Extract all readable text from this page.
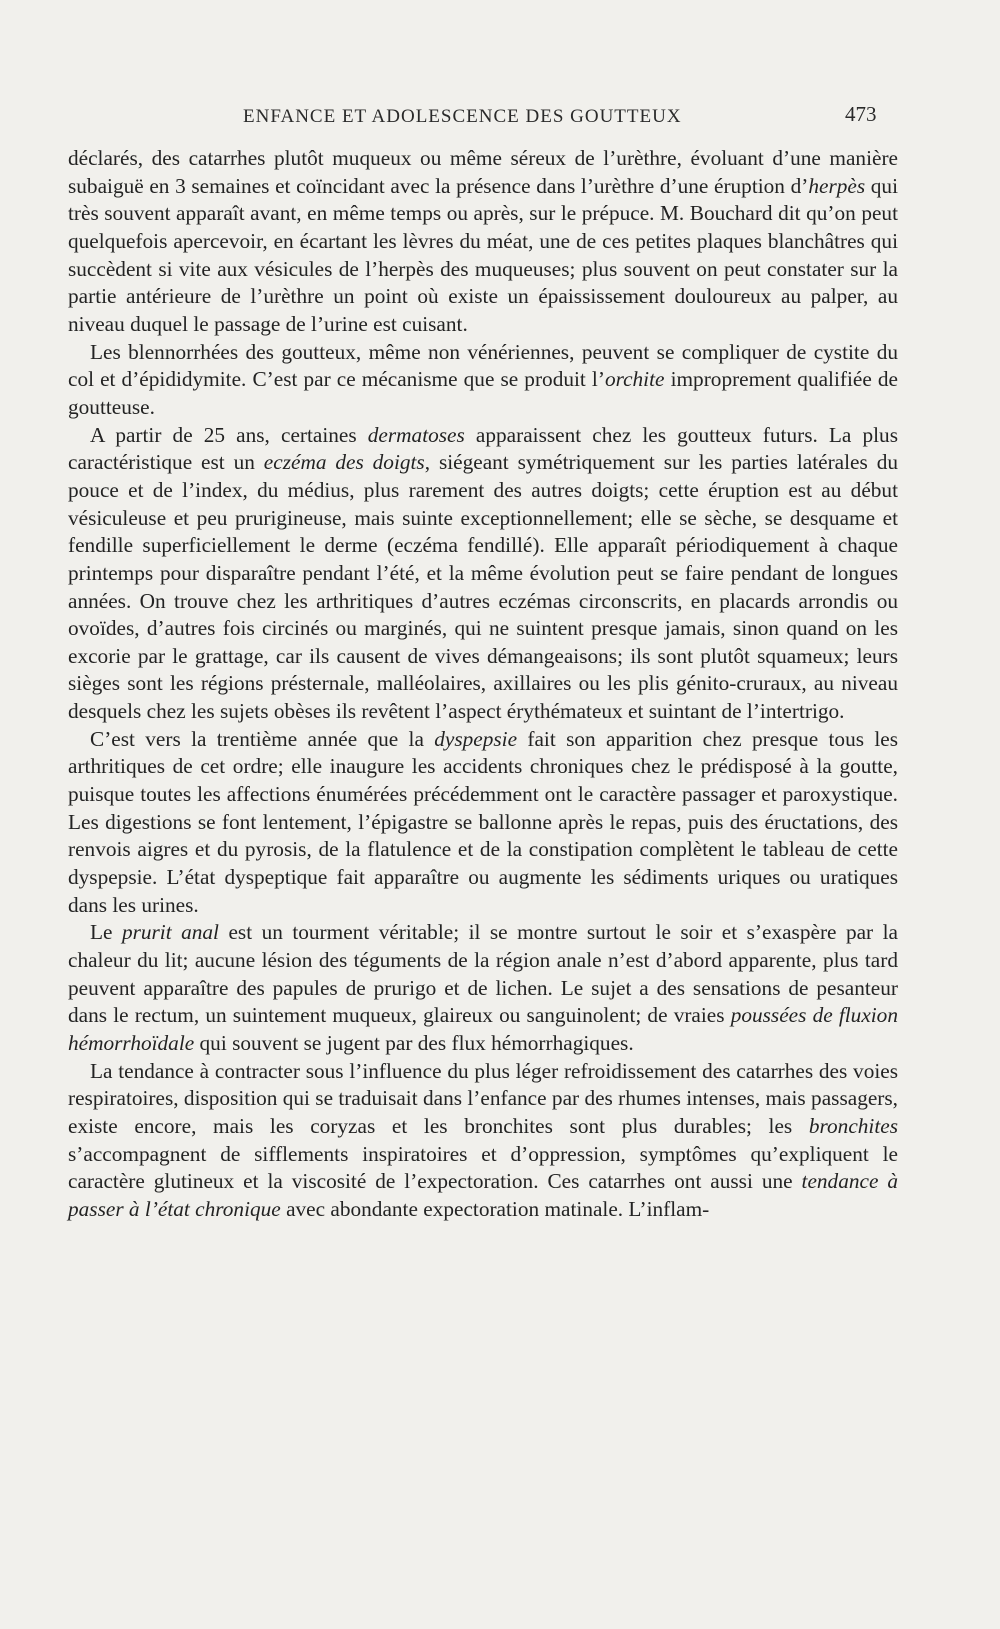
ENFANCE ET ADOLESCENCE DES GOUTTEUX	473

déclarés, des catarrhes plutôt muqueux ou même séreux de l’urèthre, évoluant d’une manière subaiguë en 3 semaines et coïncidant avec la présence dans l’urèthre d’une éruption d’herpès qui très souvent apparaît avant, en même temps ou après, sur le prépuce. M. Bouchard dit qu’on peut quelquefois apercevoir, en écartant les lèvres du méat, une de ces petites plaques blanchâtres qui succèdent si vite aux vésicules de l’herpès des muqueuses; plus souvent on peut constater sur la partie antérieure de l’urèthre un point où existe un épaississement douloureux au palper, au niveau duquel le passage de l’urine est cuisant.

Les blennorrhées des goutteux, même non vénériennes, peuvent se compliquer de cystite du col et d’épididymite. C’est par ce mécanisme que se produit l’orchite improprement qualifiée de goutteuse.

A partir de 25 ans, certaines dermatoses apparaissent chez les goutteux futurs. La plus caractéristique est un eczéma des doigts, siégeant symétriquement sur les parties latérales du pouce et de l’index, du médius, plus rarement des autres doigts; cette éruption est au début vésiculeuse et peu prurigineuse, mais suinte exceptionnellement; elle se sèche, se desquame et fendille superficiellement le derme (eczéma fendillé). Elle apparaît périodiquement à chaque printemps pour disparaître pendant l’été, et la même évolution peut se faire pendant de longues années. On trouve chez les arthritiques d’autres eczémas circonscrits, en placards arrondis ou ovoïdes, d’autres fois circinés ou marginés, qui ne suintent presque jamais, sinon quand on les excorie par le grattage, car ils causent de vives démangeaisons; ils sont plutôt squameux; leurs sièges sont les régions présternale, malléolaires, axillaires ou les plis génito-cruraux, au niveau desquels chez les sujets obèses ils revêtent l’aspect érythémateux et suintant de l’intertrigo.

C’est vers la trentième année que la dyspepsie fait son apparition chez presque tous les arthritiques de cet ordre; elle inaugure les accidents chroniques chez le prédisposé à la goutte, puisque toutes les affections énumérées précédemment ont le caractère passager et paroxystique. Les digestions se font lentement, l’épigastre se ballonne après le repas, puis des éructations, des renvois aigres et du pyrosis, de la flatulence et de la constipation complètent le tableau de cette dyspepsie. L’état dyspeptique fait apparaître ou augmente les sédiments uriques ou uratiques dans les urines.

Le prurit anal est un tourment véritable; il se montre surtout le soir et s’exaspère par la chaleur du lit; aucune lésion des téguments de la région anale n’est d’abord apparente, plus tard peuvent apparaître des papules de prurigo et de lichen. Le sujet a des sensations de pesanteur dans le rectum, un suintement muqueux, glaireux ou sanguinolent; de vraies poussées de fluxion hémorrhoïdale qui souvent se jugent par des flux hémorrhagiques.

La tendance à contracter sous l’influence du plus léger refroidissement des catarrhes des voies respiratoires, disposition qui se traduisait dans l’enfance par des rhumes intenses, mais passagers, existe encore, mais les coryzas et les bronchites sont plus durables; les bronchites s’accompagnent de sifflements inspiratoires et d’oppression, symptômes qu’expliquent le caractère glutineux et la viscosité de l’expectoration. Ces catarrhes ont aussi une tendance à passer à l’état chronique avec abondante expectoration matinale. L’inflam-
